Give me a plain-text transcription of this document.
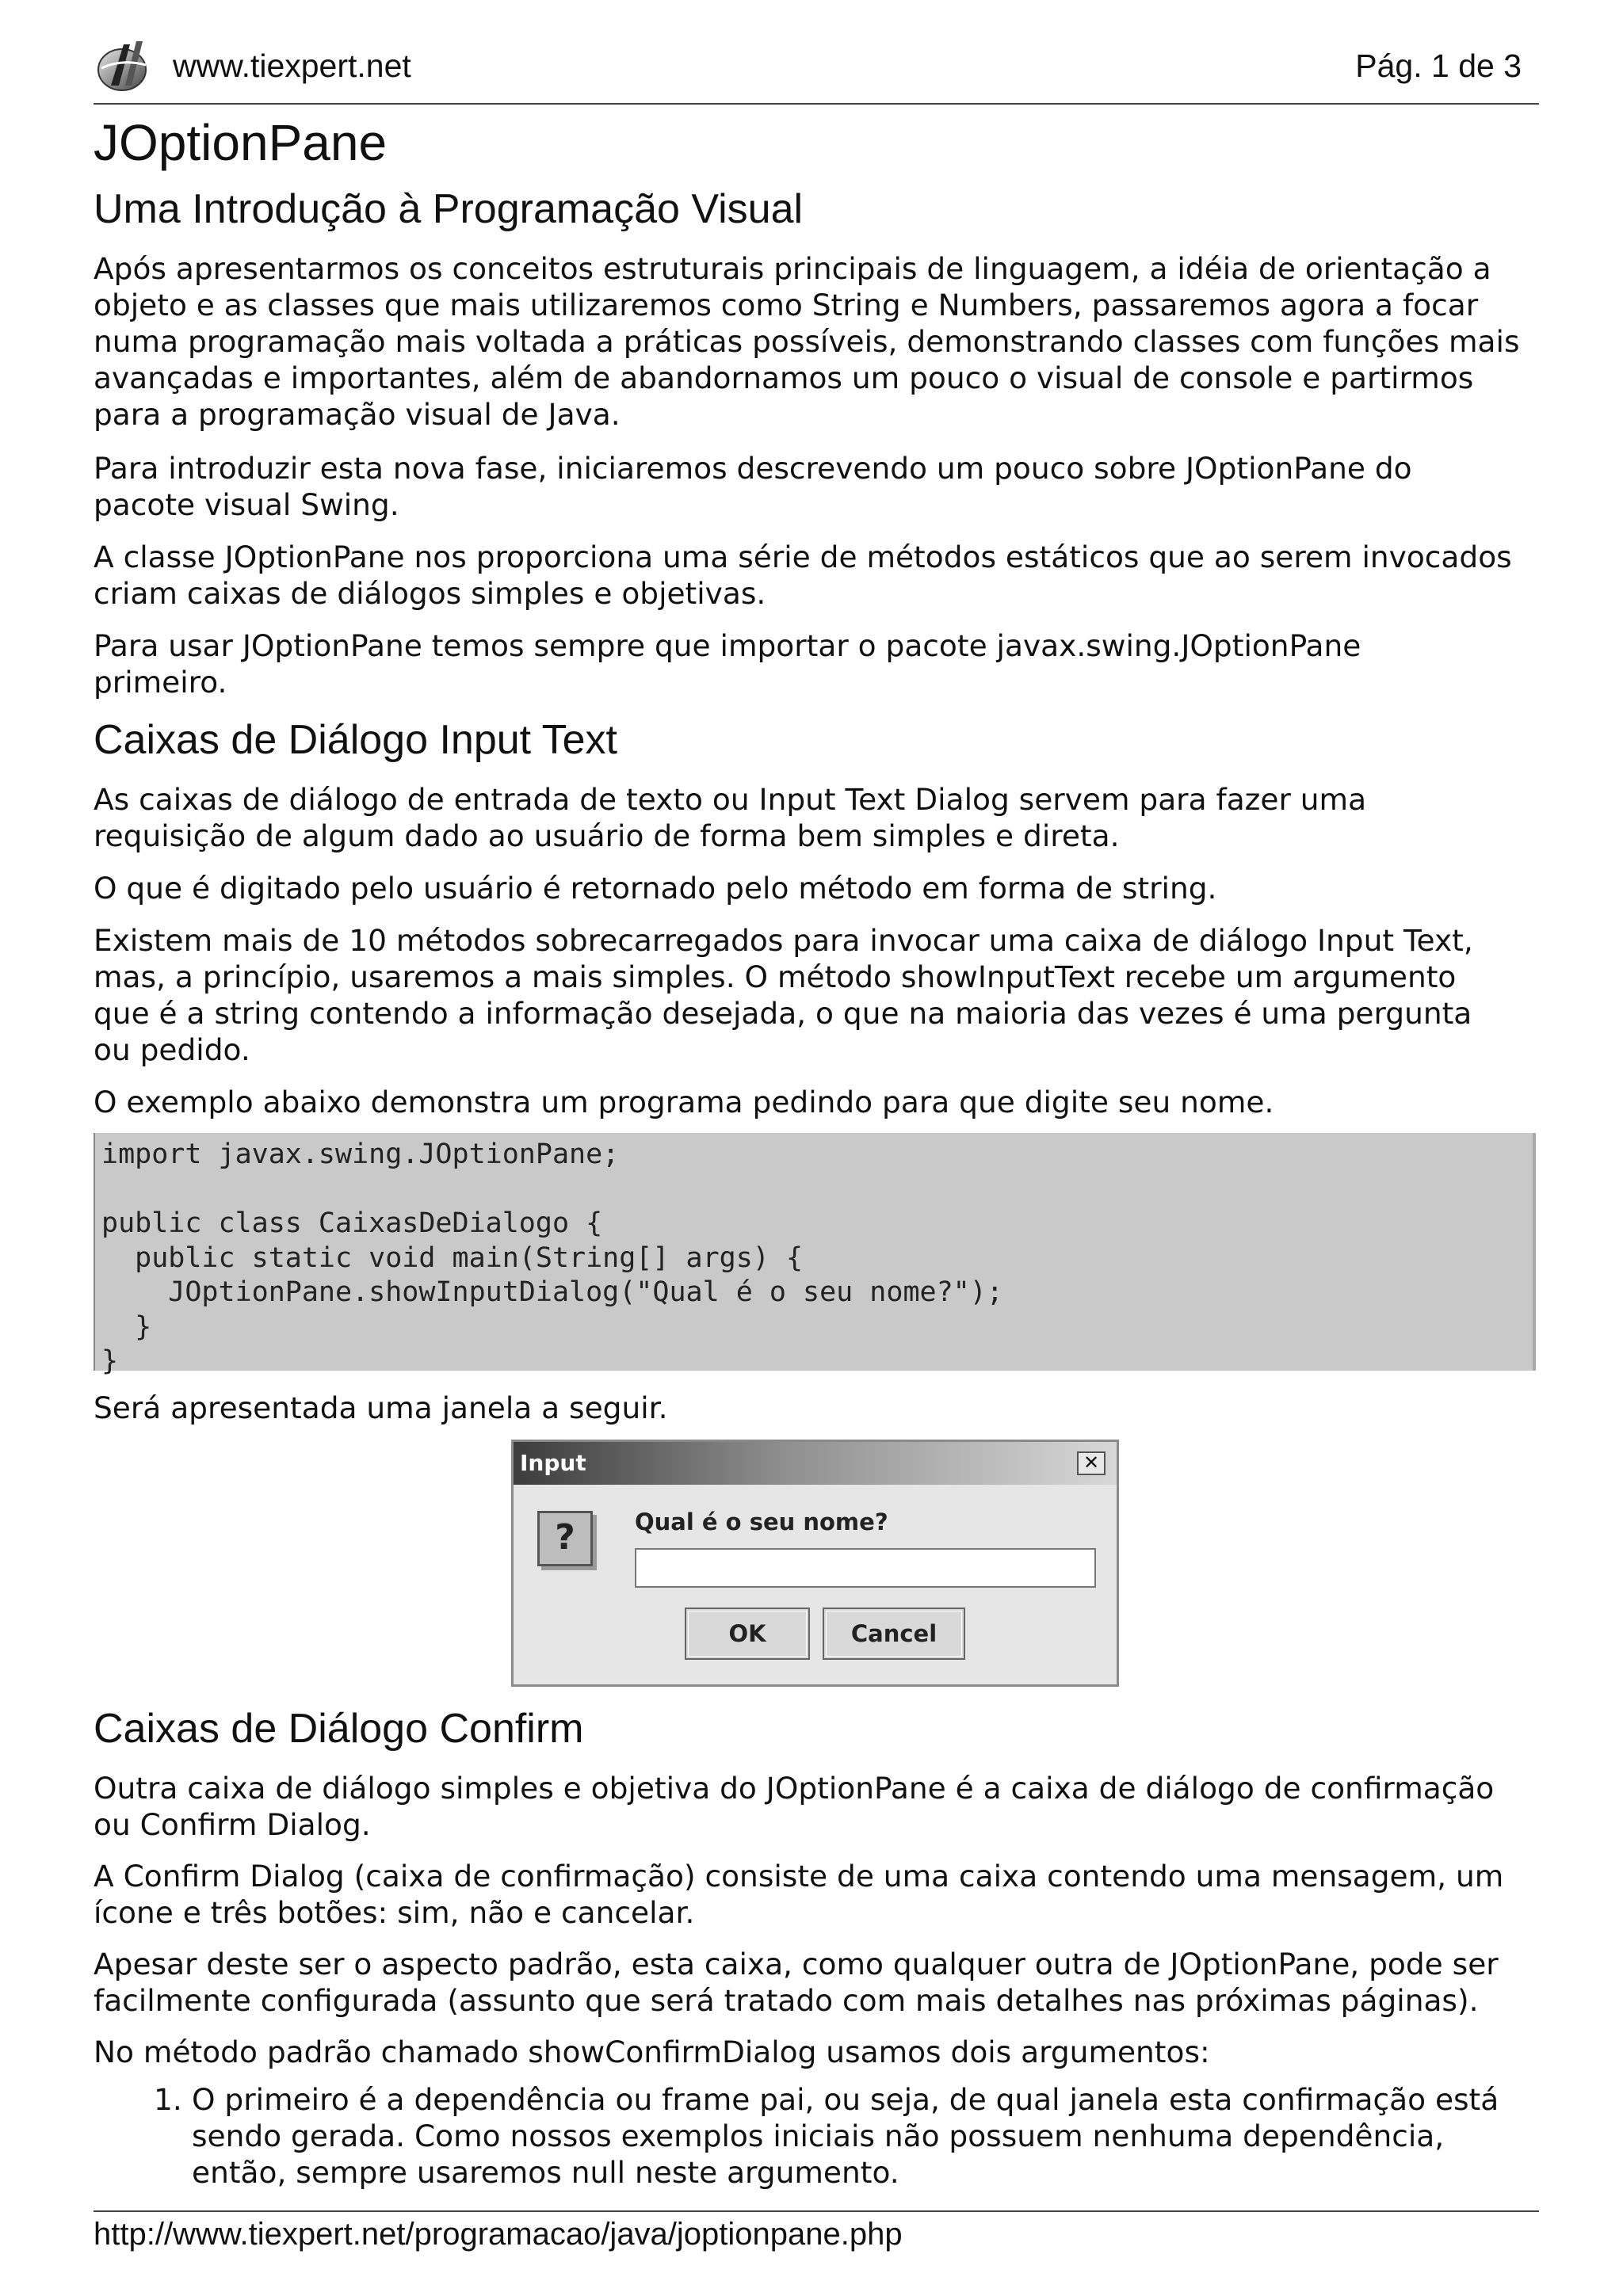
www.tiexpert.net	Pág. 1 de 3
JOptionPane
Uma Introdução à Programação Visual
Após apresentarmos os conceitos estruturais principais de linguagem, a idéia de orientação a
objeto e as classes que mais utilizaremos como String e Numbers, passaremos agora a focar
numa programação mais voltada a práticas possíveis, demonstrando classes com funções mais
avançadas e importantes, além de abandornamos um pouco o visual de console e partirmos
para a programação visual de Java.
Para introduzir esta nova fase, iniciaremos descrevendo um pouco sobre JOptionPane do
pacote visual Swing.
A classe JOptionPane nos proporciona uma série de métodos estáticos que ao serem invocados
criam caixas de diálogos simples e objetivas.
Para usar JOptionPane temos sempre que importar o pacote javax.swing.JOptionPane
primeiro.
Caixas de Diálogo Input Text
As caixas de diálogo de entrada de texto ou Input Text Dialog servem para fazer uma
requisição de algum dado ao usuário de forma bem simples e direta.
O que é digitado pelo usuário é retornado pelo método em forma de string.
Existem mais de 10 métodos sobrecarregados para invocar uma caixa de diálogo Input Text,
mas, a princípio, usaremos a mais simples. O método showInputText recebe um argumento
que é a string contendo a informação desejada, o que na maioria das vezes é uma pergunta
ou pedido.
O exemplo abaixo demonstra um programa pedindo para que digite seu nome.
import javax.swing.JOptionPane;

public class CaixasDeDialogo {
public static void main(String[] args) {
JOptionPane.showInputDialog("Qual é o seu nome?");
}
}
Será apresentada uma janela a seguir.
Input	✕
?	Qual é o seu nome?
OK	Cancel
Caixas de Diálogo Confirm
Outra caixa de diálogo simples e objetiva do JOptionPane é a caixa de diálogo de confirmação
ou Confirm Dialog.
A Confirm Dialog (caixa de confirmação) consiste de uma caixa contendo uma mensagem, um
ícone e três botões: sim, não e cancelar.
Apesar deste ser o aspecto padrão, esta caixa, como qualquer outra de JOptionPane, pode ser
facilmente configurada (assunto que será tratado com mais detalhes nas próximas páginas).
No método padrão chamado showConfirmDialog usamos dois argumentos:
1. O primeiro é a dependência ou frame pai, ou seja, de qual janela esta confirmação está
sendo gerada. Como nossos exemplos iniciais não possuem nenhuma dependência,
então, sempre usaremos null neste argumento.
http://www.tiexpert.net/programacao/java/joptionpane.php
